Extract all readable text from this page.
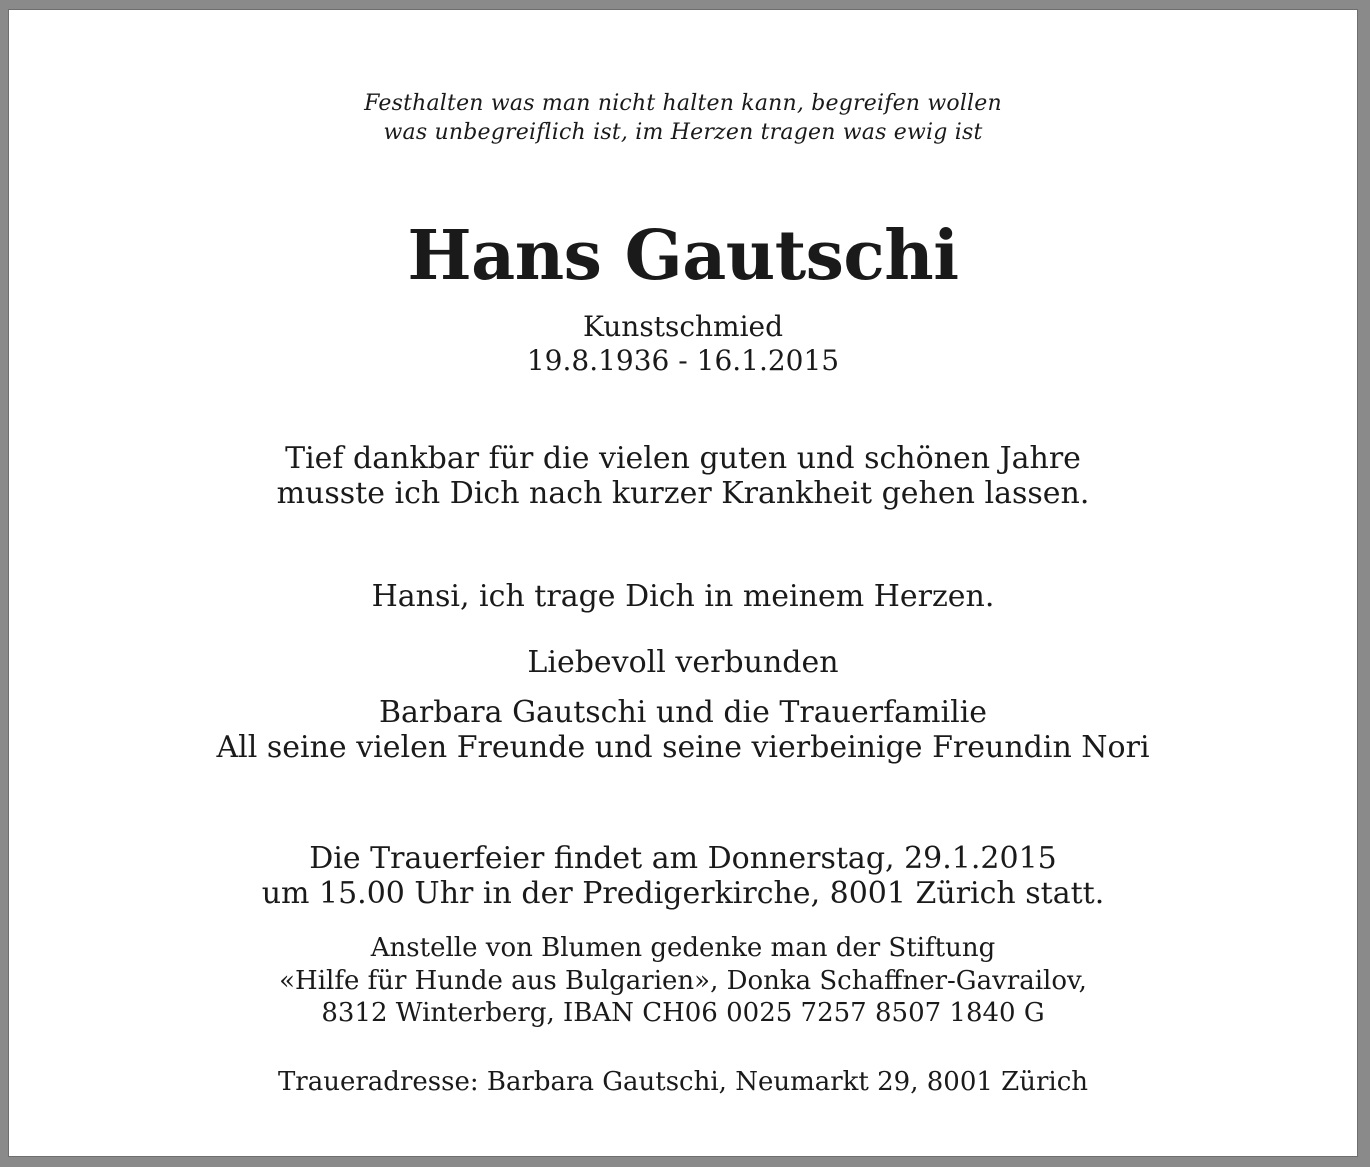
Festhalten was man nicht halten kann, begreifen wollen
was unbegreiflich ist, im Herzen tragen was ewig ist
Hans Gautschi
Kunstschmied
19.8.1936 - 16.1.2015
Tief dankbar für die vielen guten und schönen Jahre
musste ich Dich nach kurzer Krankheit gehen lassen.
Hansi, ich trage Dich in meinem Herzen.
Liebevoll verbunden
Barbara Gautschi und die Trauerfamilie
All seine vielen Freunde und seine vierbeinige Freundin Nori
Die Trauerfeier findet am Donnerstag, 29.1.2015
um 15.00 Uhr in der Predigerkirche, 8001 Zürich statt.
Anstelle von Blumen gedenke man der Stiftung
«Hilfe für Hunde aus Bulgarien», Donka Schaffner-Gavrailov,
8312 Winterberg, IBAN CH06 0025 7257 8507 1840 G
Traueradresse: Barbara Gautschi, Neumarkt 29, 8001 Zürich
